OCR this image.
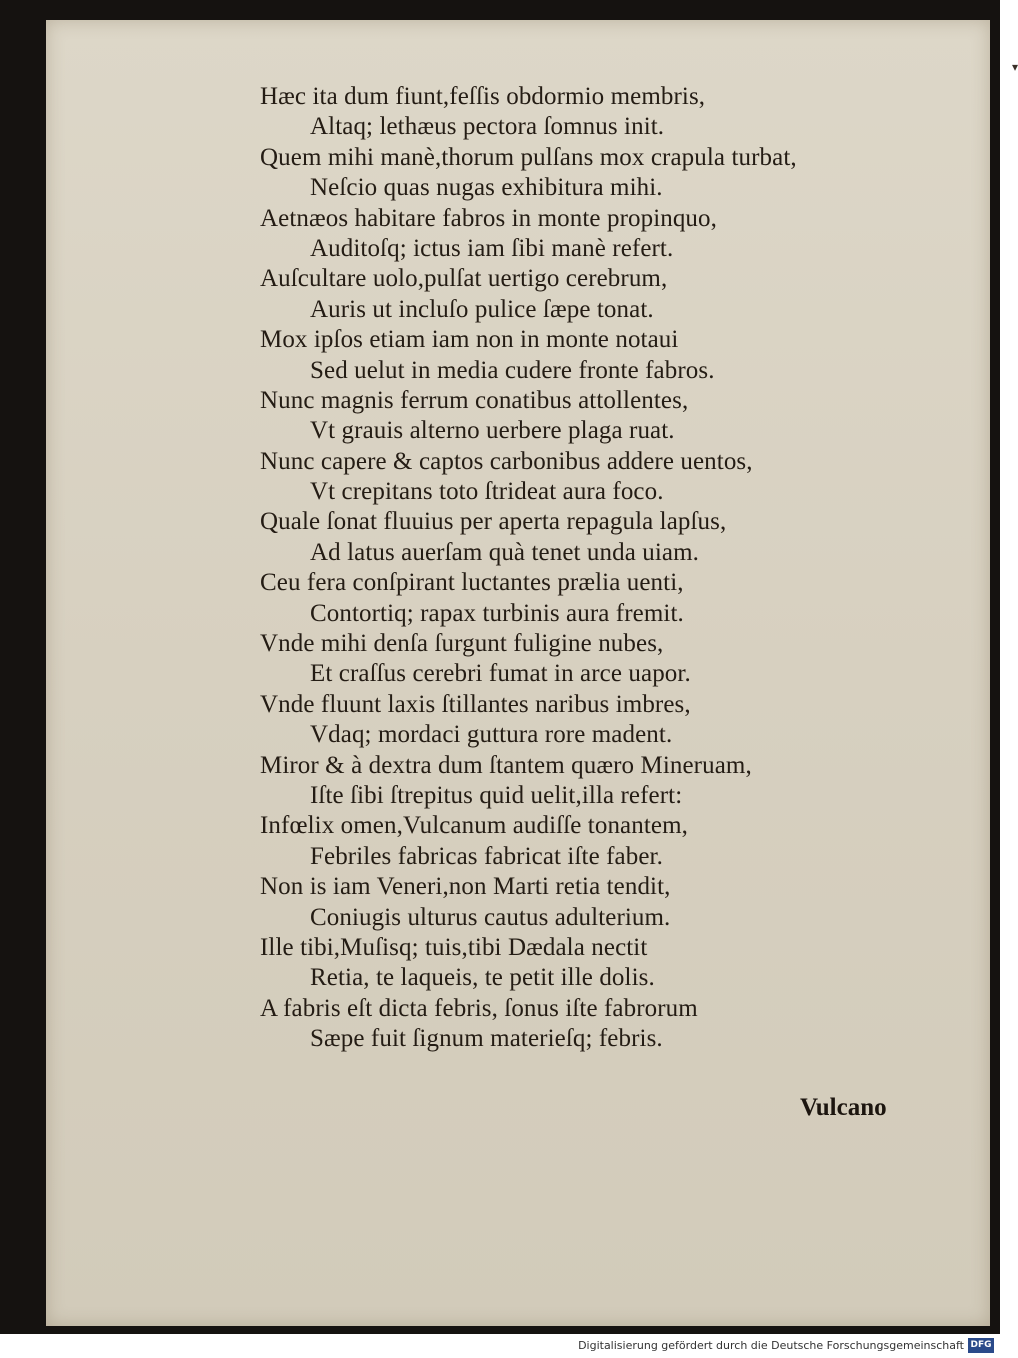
▾
Hæc ita dum fiunt,feſſis obdormio membris,
Altaq; lethæus pectora ſomnus init.
Quem mihi manè,thorum pulſans mox crapula turbat,
Neſcio quas nugas exhibitura mihi.
Aetnæos habitare fabros in monte propinquo,
Auditoſq; ictus iam ſibi manè refert.
Auſcultare uolo,pulſat uertigo cerebrum,
Auris ut incluſo pulice ſæpe tonat.
Mox ipſos etiam iam non in monte notaui
Sed uelut in media cudere fronte fabros.
Nunc magnis ferrum conatibus attollentes,
Vt grauis alterno uerbere plaga ruat.
Nunc capere & captos carbonibus addere uentos,
Vt crepitans toto ſtrideat aura foco.
Quale ſonat fluuius per aperta repagula lapſus,
Ad latus auerſam quà tenet unda uiam.
Ceu fera conſpirant luctantes prælia uenti,
Contortiq; rapax turbinis aura fremit.
Vnde mihi denſa ſurgunt fuligine nubes,
Et craſſus cerebri fumat in arce uapor.
Vnde fluunt laxis ſtillantes naribus imbres,
Vdaq; mordaci guttura rore madent.
Miror & à dextra dum ſtantem quæro Mineruam,
Iſte ſibi ſtrepitus quid uelit,illa refert:
Infœlix omen,Vulcanum audiſſe tonantem,
Febriles fabricas fabricat iſte faber.
Non is iam Veneri,non Marti retia tendit,
Coniugis ulturus cautus adulterium.
Ille tibi,Muſisq; tuis,tibi Dædala nectit
Retia, te laqueis, te petit ille dolis.
A fabris eſt dicta febris, ſonus iſte fabrorum
Sæpe fuit ſignum materieſq; febris.
Vulcano
Digitalisierung gefördert durch die Deutsche Forschungsgemeinschaft DFG
